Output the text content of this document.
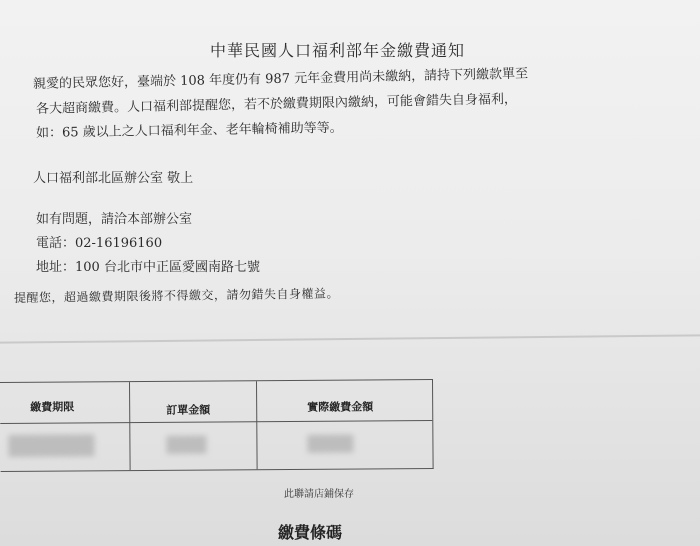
中華民國人口福利部年金繳費通知
親愛的民眾您好，臺端於 108 年度仍有 987 元年金費用尚未繳納，請持下列繳款單至
各大超商繳費。人口福利部提醒您，若不於繳費期限內繳納，可能會錯失自身福利，
如：65 歲以上之人口福利年金、老年輪椅補助等等。
人口福利部北區辦公室 敬上
如有問題，請洽本部辦公室
電話：02-16196160
地址：100 台北市中正區愛國南路七號
提醒您，超過繳費期限後將不得繳交，請勿錯失自身權益。
繳費期限	訂單金額	實際繳費金額
此聯請店鋪保存
繳費條碼
